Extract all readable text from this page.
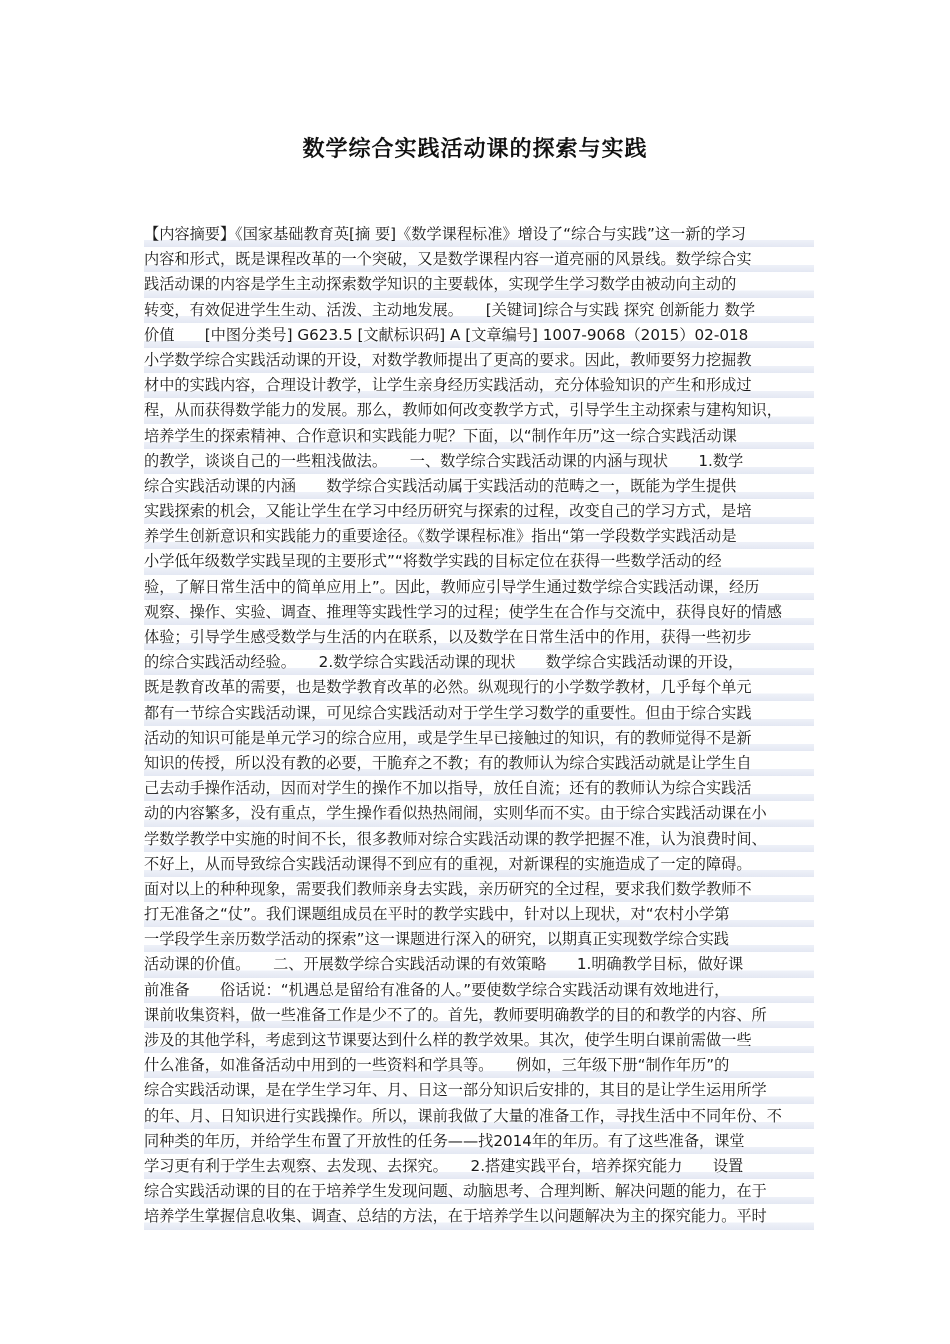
数学综合实践活动课的探索与实践
【内容摘要】《国家基础教育英[摘 要]《数学课程标准》增设了“综合与实践”这一新的学习
内容和形式，既是课程改革的一个突破，又是数学课程内容一道亮丽的风景线。数学综合实
践活动课的内容是学生主动探索数学知识的主要载体，实现学生学习数学由被动向主动的
转变，有效促进学生生动、活泼、主动地发展。　　[关键词]综合与实践 探究 创新能力 数学
价值　　[中图分类号] G623.5 [文献标识码] A [文章编号] 1007-9068（2015）02-018
小学数学综合实践活动课的开设，对数学教师提出了更高的要求。因此，教师要努力挖掘教
材中的实践内容，合理设计教学，让学生亲身经历实践活动，充分体验知识的产生和形成过
程，从而获得数学能力的发展。那么，教师如何改变教学方式，引导学生主动探索与建构知识，
培养学生的探索精神、合作意识和实践能力呢？下面，以“制作年历”这一综合实践活动课
的教学，谈谈自己的一些粗浅做法。　　一、数学综合实践活动课的内涵与现状　　1.数学
综合实践活动课的内涵　　数学综合实践活动属于实践活动的范畴之一，既能为学生提供
实践探索的机会，又能让学生在学习中经历研究与探索的过程，改变自己的学习方式，是培
养学生创新意识和实践能力的重要途径。《数学课程标准》指出“第一学段数学实践活动是
小学低年级数学实践呈现的主要形式”“将数学实践的目标定位在获得一些数学活动的经
验，了解日常生活中的简单应用上”。因此，教师应引导学生通过数学综合实践活动课，经历
观察、操作、实验、调查、推理等实践性学习的过程；使学生在合作与交流中，获得良好的情感
体验；引导学生感受数学与生活的内在联系，以及数学在日常生活中的作用，获得一些初步
的综合实践活动经验。　　2.数学综合实践活动课的现状　　数学综合实践活动课的开设，
既是教育改革的需要，也是数学教育改革的必然。纵观现行的小学数学教材，几乎每个单元
都有一节综合实践活动课，可见综合实践活动对于学生学习数学的重要性。但由于综合实践
活动的知识可能是单元学习的综合应用，或是学生早已接触过的知识，有的教师觉得不是新
知识的传授，所以没有教的必要，干脆弃之不教；有的教师认为综合实践活动就是让学生自
己去动手操作活动，因而对学生的操作不加以指导，放任自流；还有的教师认为综合实践活
动的内容繁多，没有重点，学生操作看似热热闹闹，实则华而不实。由于综合实践活动课在小
学数学教学中实施的时间不长，很多教师对综合实践活动课的教学把握不准，认为浪费时间、
不好上，从而导致综合实践活动课得不到应有的重视，对新课程的实施造成了一定的障碍。
面对以上的种种现象，需要我们教师亲身去实践，亲历研究的全过程，要求我们数学教师不
打无准备之“仗”。我们课题组成员在平时的教学实践中，针对以上现状，对“农村小学第
一学段学生亲历数学活动的探索”这一课题进行深入的研究，以期真正实现数学综合实践
活动课的价值。　　二、开展数学综合实践活动课的有效策略　　1.明确教学目标，做好课
前准备　　俗话说：“机遇总是留给有准备的人。”要使数学综合实践活动课有效地进行，
课前收集资料，做一些准备工作是少不了的。首先，教师要明确教学的目的和教学的内容、所
涉及的其他学科，考虑到这节课要达到什么样的教学效果。其次，使学生明白课前需做一些
什么准备，如准备活动中用到的一些资料和学具等。　　例如，三年级下册“制作年历”的
综合实践活动课，是在学生学习年、月、日这一部分知识后安排的，其目的是让学生运用所学
的年、月、日知识进行实践操作。所以，课前我做了大量的准备工作，寻找生活中不同年份、不
同种类的年历，并给学生布置了开放性的任务——找2014年的年历。有了这些准备，课堂
学习更有利于学生去观察、去发现、去探究。　　2.搭建实践平台，培养探究能力　　设置
综合实践活动课的目的在于培养学生发现问题、动脑思考、合理判断、解决问题的能力，在于
培养学生掌握信息收集、调查、总结的方法，在于培养学生以问题解决为主的探究能力。平时
